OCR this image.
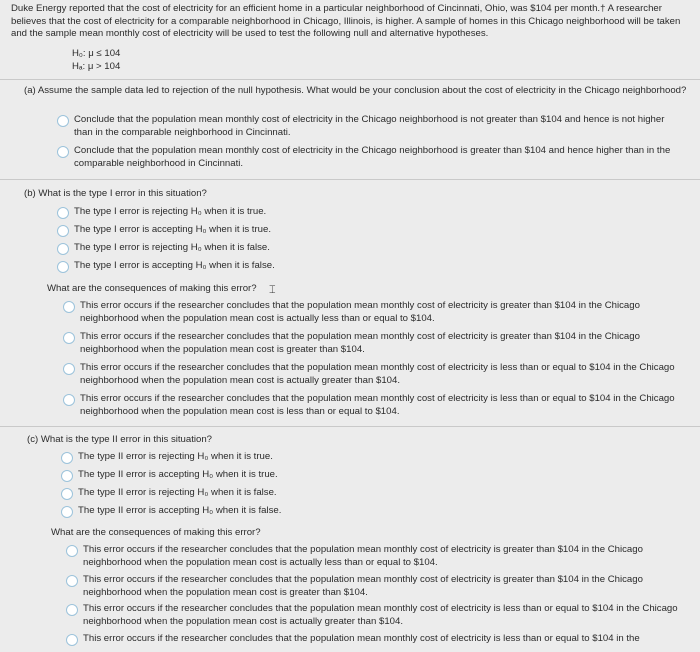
Duke Energy reported that the cost of electricity for an efficient home in a particular neighborhood of Cincinnati, Ohio, was $104 per month.† A researcher believes that the cost of electricity for a comparable neighborhood in Chicago, Illinois, is higher. A sample of homes in this Chicago neighborhood will be taken and the sample mean monthly cost of electricity will be used to test the following null and alternative hypotheses.
H₀: μ ≤ 104
Hₐ: μ > 104
(a) Assume the sample data led to rejection of the null hypothesis. What would be your conclusion about the cost of electricity in the Chicago neighborhood?
Conclude that the population mean monthly cost of electricity in the Chicago neighborhood is not greater than $104 and hence is not higher than in the comparable neighborhood in Cincinnati.
Conclude that the population mean monthly cost of electricity in the Chicago neighborhood is greater than $104 and hence higher than in the comparable neighborhood in Cincinnati.
(b) What is the type I error in this situation?
The type I error is rejecting H₀ when it is true.
The type I error is accepting H₀ when it is true.
The type I error is rejecting H₀ when it is false.
The type I error is accepting H₀ when it is false.
What are the consequences of making this error?	⌶
This error occurs if the researcher concludes that the population mean monthly cost of electricity is greater than $104 in the Chicago neighborhood when the population mean cost is actually less than or equal to $104.
This error occurs if the researcher concludes that the population mean monthly cost of electricity is greater than $104 in the Chicago neighborhood when the population mean cost is greater than $104.
This error occurs if the researcher concludes that the population mean monthly cost of electricity is less than or equal to $104 in the Chicago neighborhood when the population mean cost is actually greater than $104.
This error occurs if the researcher concludes that the population mean monthly cost of electricity is less than or equal to $104 in the Chicago neighborhood when the population mean cost is less than or equal to $104.
(c) What is the type II error in this situation?
The type II error is rejecting H₀ when it is true.
The type II error is accepting H₀ when it is true.
The type II error is rejecting H₀ when it is false.
The type II error is accepting H₀ when it is false.
What are the consequences of making this error?
This error occurs if the researcher concludes that the population mean monthly cost of electricity is greater than $104 in the Chicago neighborhood when the population mean cost is actually less than or equal to $104.
This error occurs if the researcher concludes that the population mean monthly cost of electricity is greater than $104 in the Chicago neighborhood when the population mean cost is greater than $104.
This error occurs if the researcher concludes that the population mean monthly cost of electricity is less than or equal to $104 in the Chicago neighborhood when the population mean cost is actually greater than $104.
This error occurs if the researcher concludes that the population mean monthly cost of electricity is less than or equal to $104 in the
